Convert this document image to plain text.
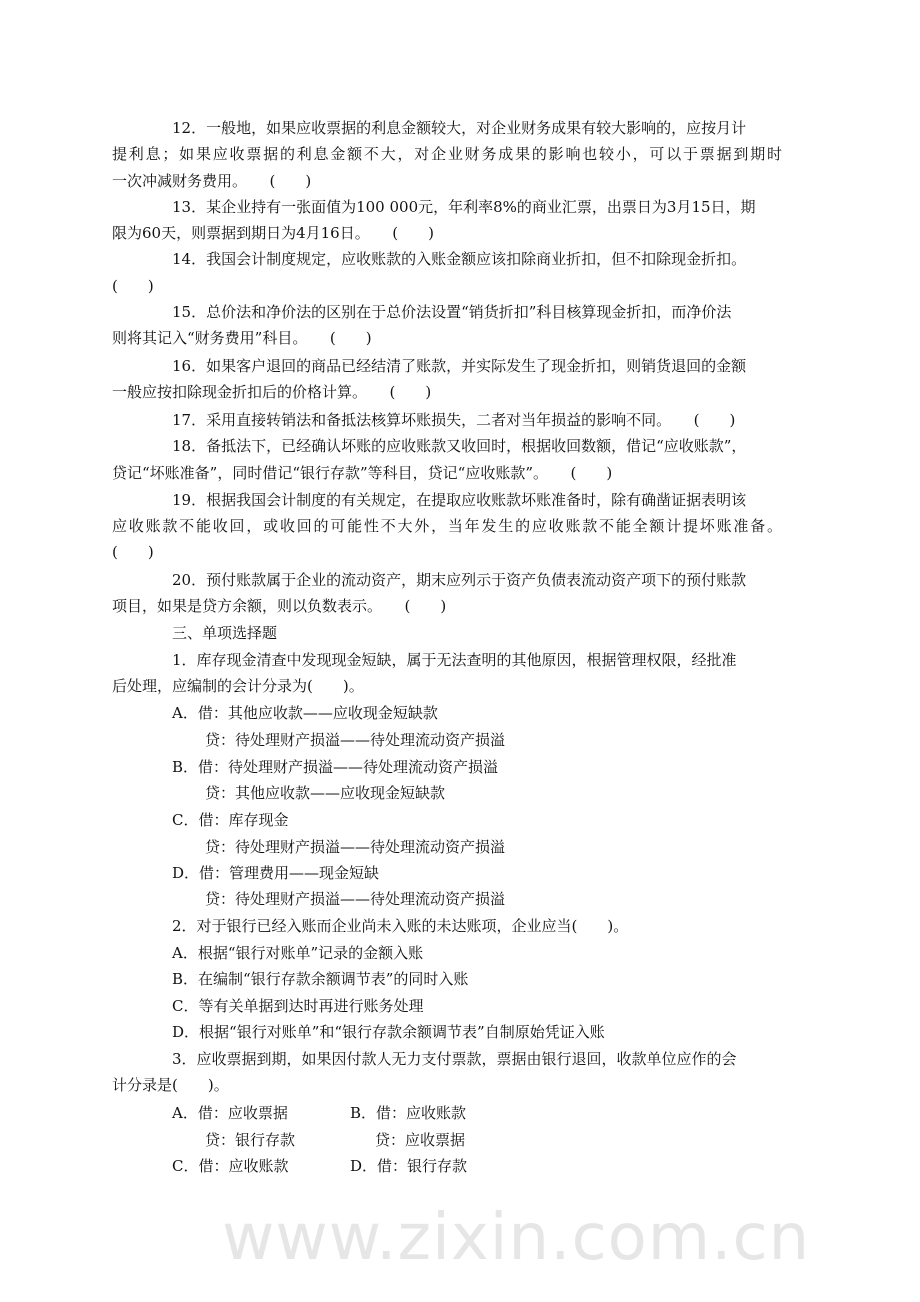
www.zixin.com.cn
12．一般地，如果应收票据的利息金额较大，对企业财务成果有较大影响的，应按月计
提利息；如果应收票据的利息金额不大，对企业财务成果的影响也较小，可以于票据到期时
一次冲减财务费用。　　(　　)
13．某企业持有一张面值为100 000元，年利率8%的商业汇票，出票日为3月15日，期
限为60天，则票据到期日为4月16日。　　(　　)
14．我国会计制度规定，应收账款的入账金额应该扣除商业折扣，但不扣除现金折扣。
(　　)
15．总价法和净价法的区别在于总价法设置“销货折扣”科目核算现金折扣，而净价法
则将其记入“财务费用”科目。　　(　　)
16．如果客户退回的商品已经结清了账款，并实际发生了现金折扣，则销货退回的金额
一般应按扣除现金折扣后的价格计算。　　(　　)
17．采用直接转销法和备抵法核算坏账损失，二者对当年损益的影响不同。　　(　　)
18．备抵法下，已经确认坏账的应收账款又收回时，根据收回数额，借记“应收账款”，
贷记“坏账准备”，同时借记“银行存款”等科目，贷记“应收账款”。　　(　　)
19．根据我国会计制度的有关规定，在提取应收账款坏账准备时，除有确凿证据表明该
应收账款不能收回，或收回的可能性不大外，当年发生的应收账款不能全额计提坏账准备。
(　　)
20．预付账款属于企业的流动资产，期末应列示于资产负债表流动资产项下的预付账款
项目，如果是贷方余额，则以负数表示。　　(　　)
三、单项选择题
1．库存现金清查中发现现金短缺，属于无法查明的其他原因，根据管理权限，经批准
后处理，应编制的会计分录为(　　)。
A．借：其他应收款——应收现金短缺款
贷：待处理财产损溢——待处理流动资产损溢
B．借：待处理财产损溢——待处理流动资产损溢
贷：其他应收款——应收现金短缺款
C．借：库存现金
贷：待处理财产损溢——待处理流动资产损溢
D．借：管理费用——现金短缺
贷：待处理财产损溢——待处理流动资产损溢
2．对于银行已经入账而企业尚未入账的未达账项，企业应当(　　)。
A．根据“银行对账单”记录的金额入账
B．在编制“银行存款余额调节表”的同时入账
C．等有关单据到达时再进行账务处理
D．根据“银行对账单”和“银行存款余额调节表”自制原始凭证入账
3．应收票据到期，如果因付款人无力支付票款，票据由银行退回，收款单位应作的会
计分录是(　　)。
A．借：应收票据	B．借：应收账款
贷：银行存款	贷：应收票据
C．借：应收账款	D．借：银行存款
